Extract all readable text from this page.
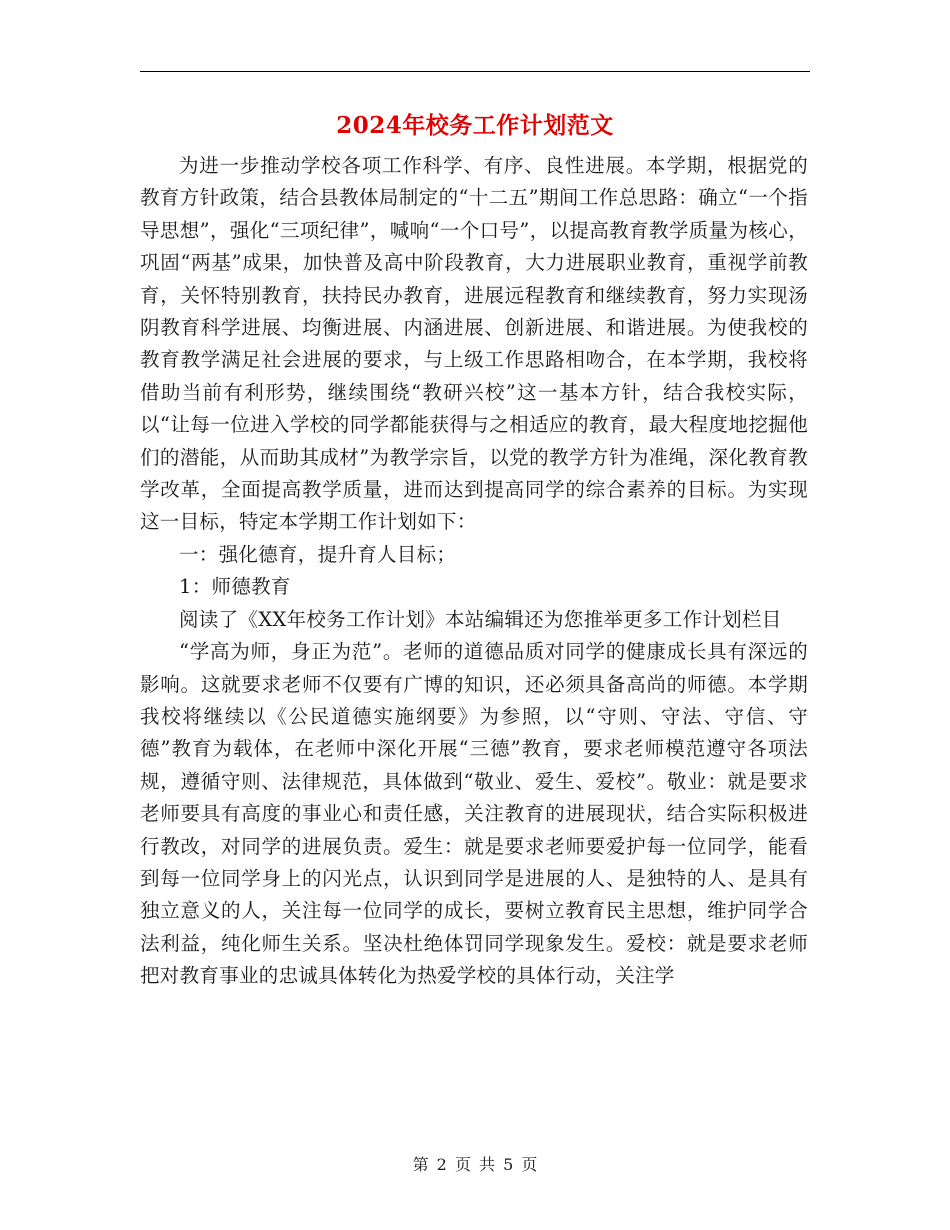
2024年校务工作计划范文

为进一步推动学校各项工作科学、有序、良性进展。本学期，根据党的教育方针政策，结合县教体局制定的“十二五”期间工作总思路：确立“一个指导思想”，强化“三项纪律”，喊响“一个口号”，以提高教育教学质量为核心，巩固“两基”成果，加快普及高中阶段教育，大力进展职业教育，重视学前教育，关怀特别教育，扶持民办教育，进展远程教育和继续教育，努力实现汤阴教育科学进展、均衡进展、内涵进展、创新进展、和谐进展。为使我校的教育教学满足社会进展的要求，与上级工作思路相吻合，在本学期，我校将借助当前有利形势，继续围绕“教研兴校”这一基本方针，结合我校实际，以“让每一位进入学校的同学都能获得与之相适应的教育，最大程度地挖掘他们的潜能，从而助其成材”为教学宗旨，以党的教学方针为准绳，深化教育教学改革，全面提高教学质量，进而达到提高同学的综合素养的目标。为实现这一目标，特定本学期工作计划如下：

一：强化德育，提升育人目标；

1：师德教育

阅读了《XX年校务工作计划》本站编辑还为您推举更多工作计划栏目

“学高为师，身正为范”。老师的道德品质对同学的健康成长具有深远的影响。这就要求老师不仅要有广博的知识，还必须具备高尚的师德。本学期我校将继续以《公民道德实施纲要》为参照，以“守则、守法、守信、守德”教育为载体，在老师中深化开展“三德”教育，要求老师模范遵守各项法规，遵循守则、法律规范，具体做到“敬业、爱生、爱校”。敬业：就是要求老师要具有高度的事业心和责任感，关注教育的进展现状，结合实际积极进行教改，对同学的进展负责。爱生：就是要求老师要爱护每一位同学，能看到每一位同学身上的闪光点，认识到同学是进展的人、是独特的人、是具有独立意义的人，关注每一位同学的成长，要树立教育民主思想，维护同学合法利益，纯化师生关系。坚决杜绝体罚同学现象发生。爱校：就是要求老师把对教育事业的忠诚具体转化为热爱学校的具体行动，关注学

第 2 页 共 5 页
